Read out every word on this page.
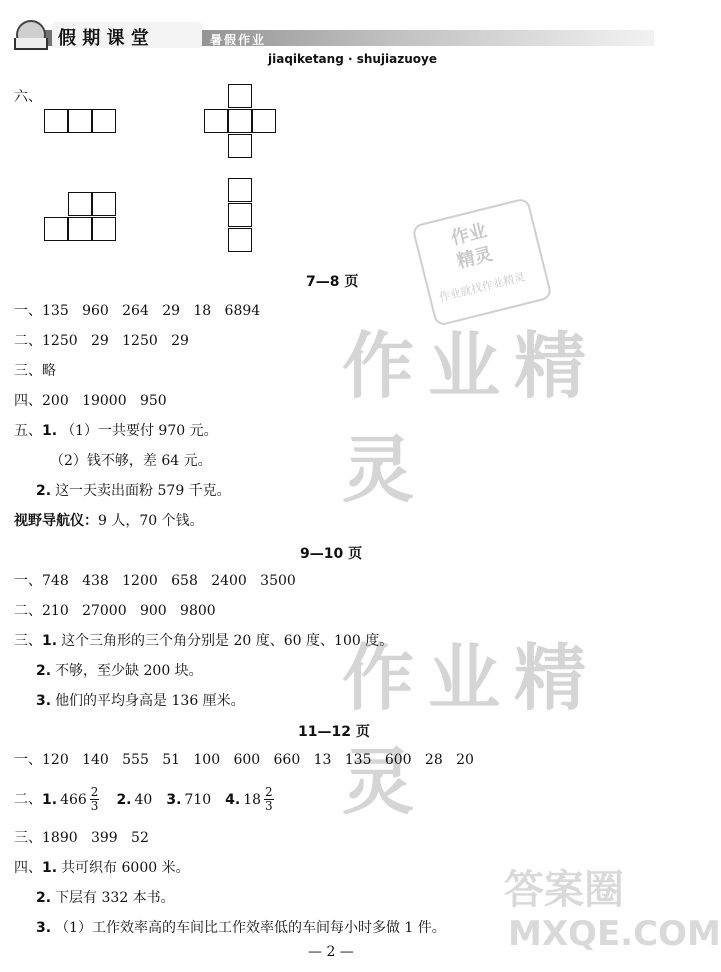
假 期 课 堂	暑假作业
jiaqiketang · shujiazuoye
六、
作业
精灵
作业就找作业精灵
作业精灵
作业精灵
答案圈
MXQE.COM
7—8 页
一、135   960   264   29   18   6894
二、1250   29   1250   29
三、略
四、200   19000   950
五、1. （1）一共要付 970 元。
（2）钱不够，差 64 元。
2. 这一天卖出面粉 579 千克。
视野导航仪：9 人，70 个钱。
9—10 页
一、748   438   1200   658   2400   3500
二、210   27000   900   9800
三、1. 这个三角形的三个角分别是 20 度、60 度、100 度。
2. 不够，至少缺 200 块。
3. 他们的平均身高是 136 厘米。
11—12 页
一、120   140   555   51   100   600   660   13   135   600   28   20
二、1. $466 \frac{2}{3} 2$. 40 3. 710 4. $18 \frac{2}{3}$
三、1890   399   52
四、1. 共可织布 6000 米。
2. 下层有 332 本书。
3. （1）工作效率高的车间比工作效率低的车间每小时多做 1 件。
— 2 —
